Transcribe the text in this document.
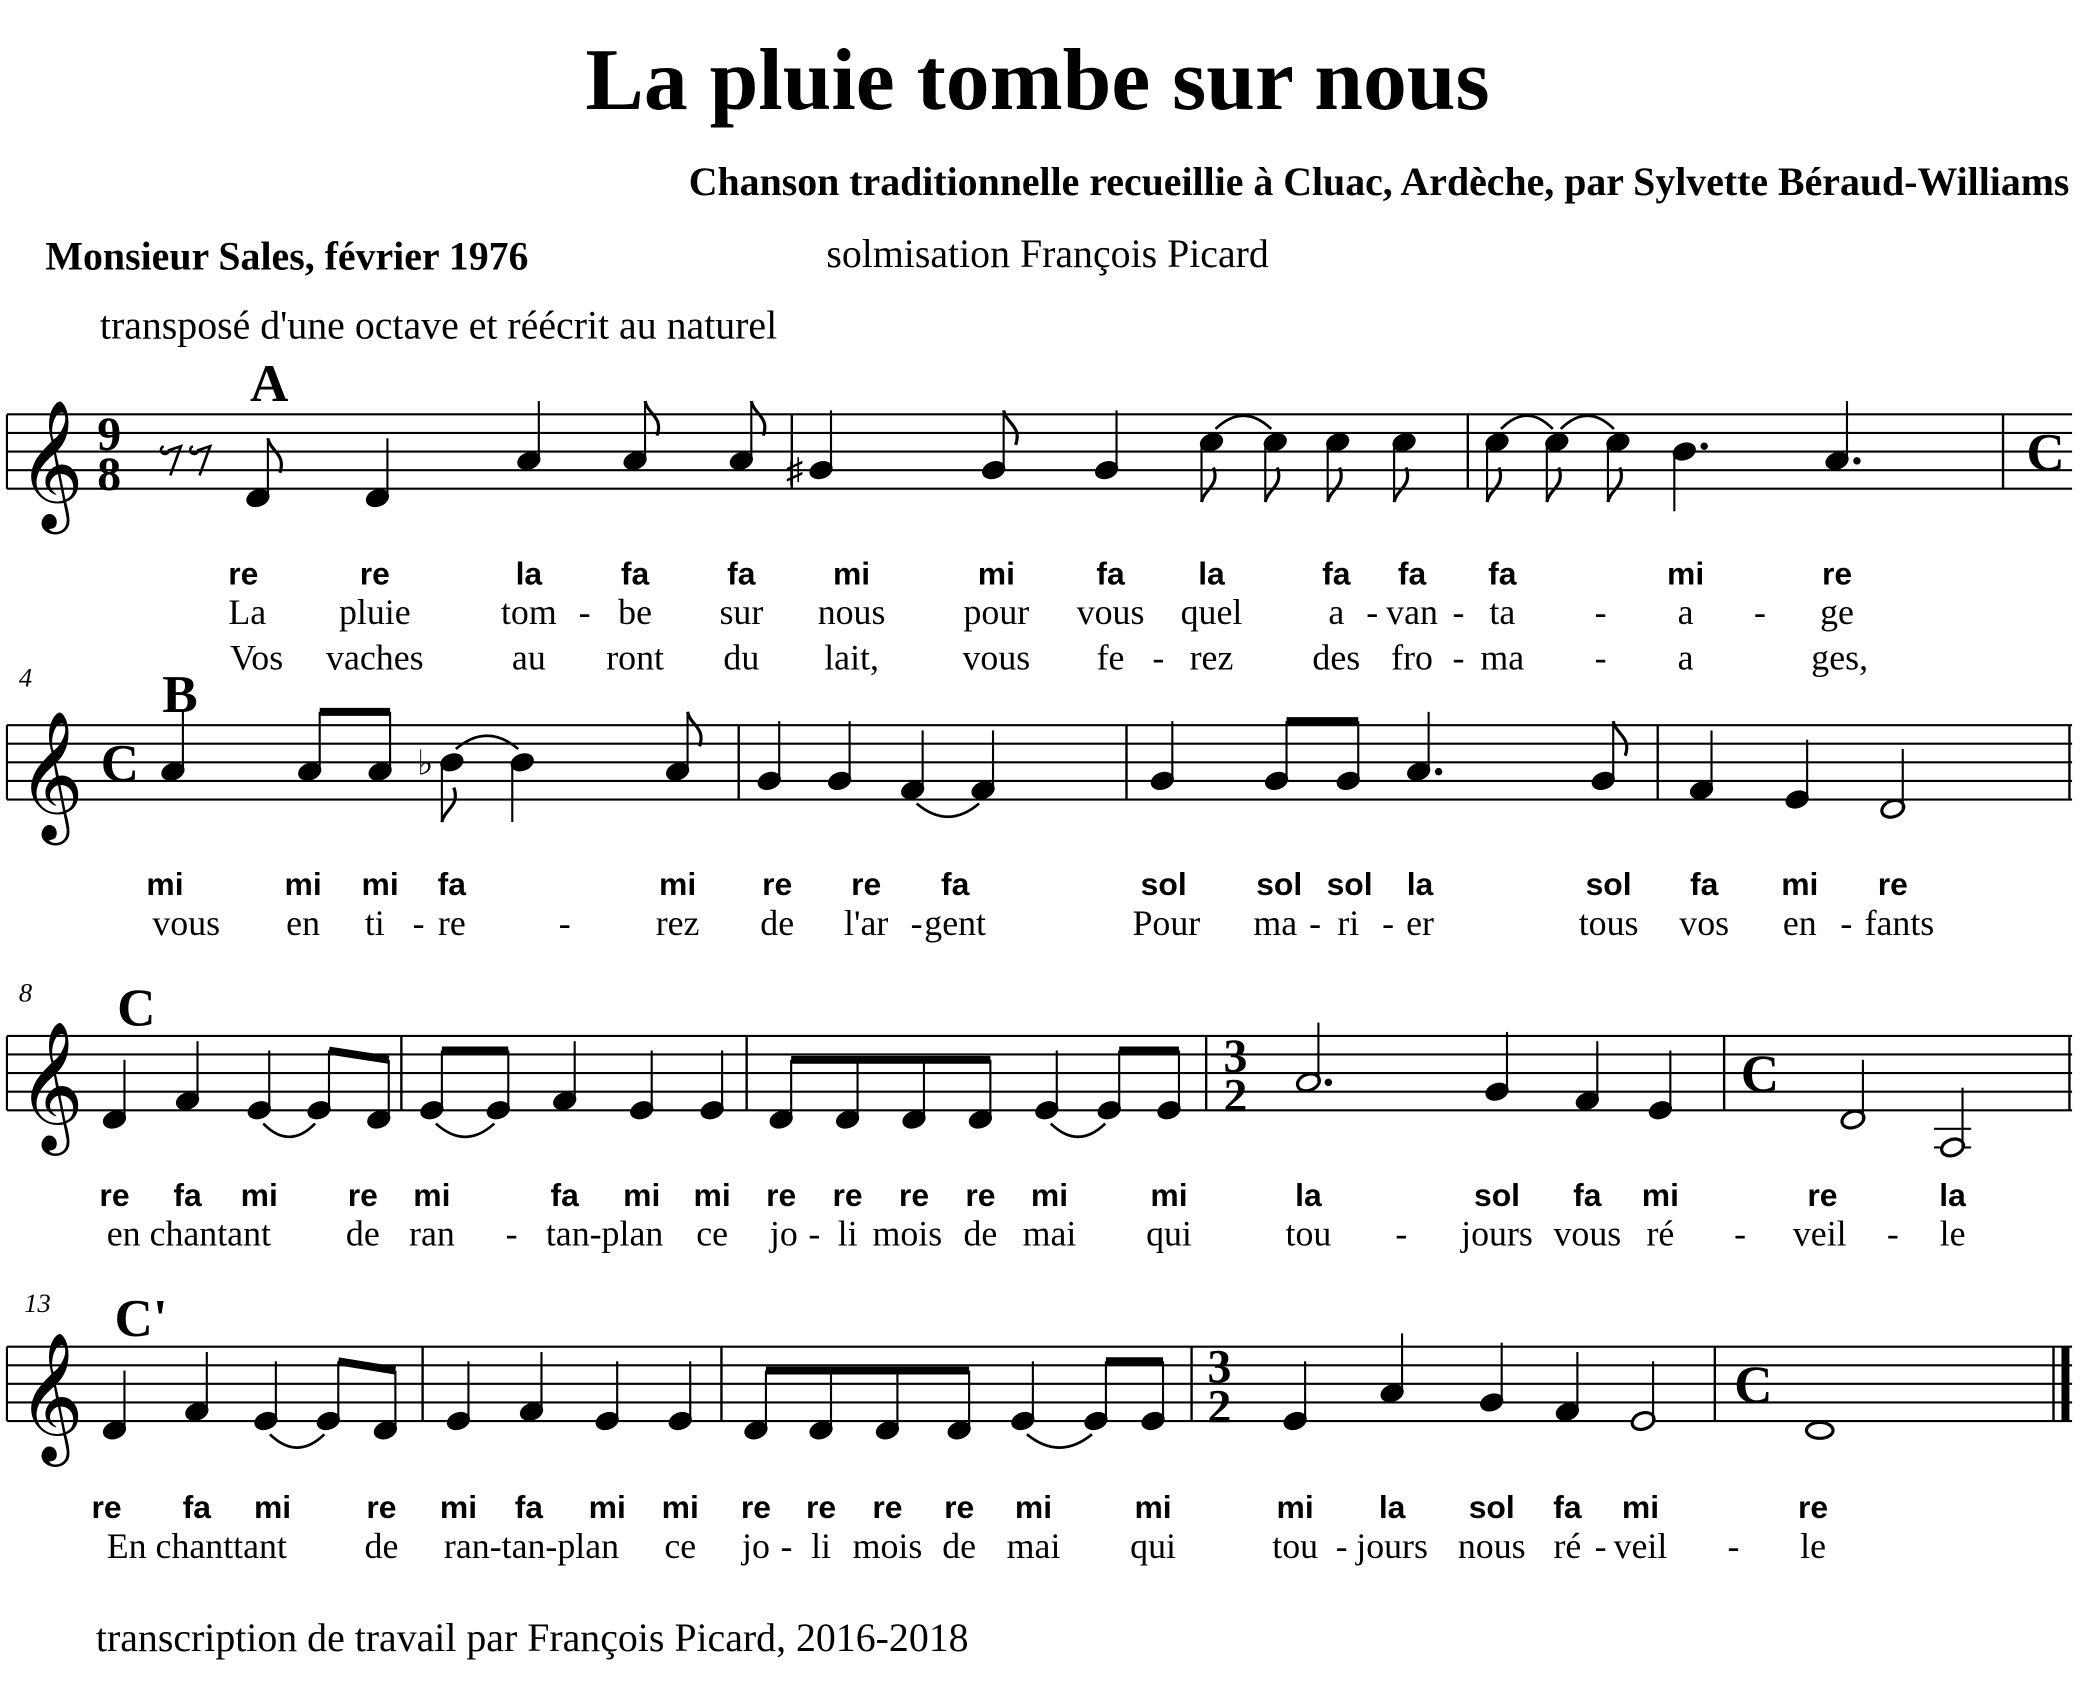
La pluie tombe sur nous
Chanson traditionnelle recueillie à Cluac, Ardèche, par Sylvette Béraud-Williams
Monsieur Sales, février 1976	solmisation François Picard
transposé d'une octave et réécrit au naturel
𝄞 9
8	C
A
♯
re	re	la	fa	fa	mi	mi	fa	la	fa fa	fa	mi	re
La	pluie	tom - be sur nous	pour vous quel	a - van - ta	-	a - ge
Vos vaches	au ront du lait,	vous fe - rez	des fro - ma	-	a	ges,
𝄞 C
4	B
♭
mi	mi mi fa	mi	re re fa	sol	sol sol la	sol fa	mi re
vous en ti - re	-	rez de l'ar - gent	Pour ma - ri - er	tous vos en - fants
𝄞	3
2	C
8 C
re fa mi	re mi	fa mi mi re re re re mi	mi	la	sol fa mi	re	la
en chantant	de ran - tan-plan ce jo - li mois de mai	qui	tou - jours vous ré - veil - le
𝄞	3
2	C
13 C'
re	fa mi	re mi fa mi mi re re re re mi	mi	mi	la	sol fa mi	re
En chanttant	de ran-tan-plan ce jo - li mois de mai	qui	tou - jours nous ré - veil - le
transcription de travail par François Picard, 2016-2018
